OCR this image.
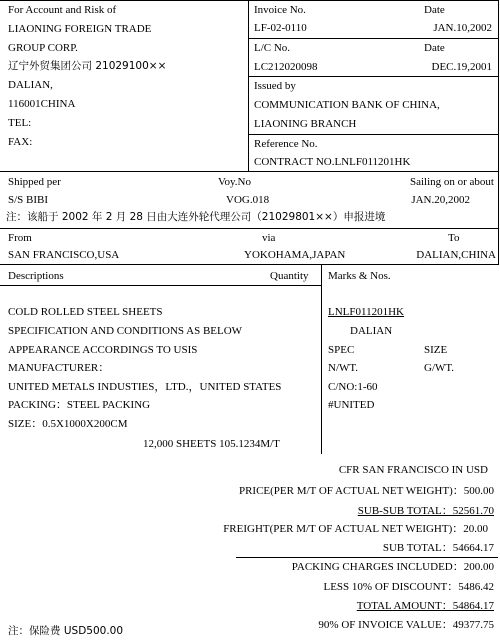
For Account and Risk of
LIAONING FOREIGN TRADE
GROUP CORP.
辽宁外贸集团公司 21029100××
DALIAN,
116001CHINA
TEL:
FAX:
Invoice No.	Date
LF-02-0110	JAN.10,2002
L/C No.	Date
LC212020098	DEC.19,2001
Issued by
COMMUNICATION BANK OF CHINA,
LIAONING BRANCH
Reference No.
CONTRACT NO.LNLF011201HK
Shipped per	Voy.No	Sailing on or about
S/S BIBI	VOG.018	JAN.20,2002
注：该船于 2002 年 2 月 28 日由大连外轮代理公司（21029801××）申报进境
From	via	To
SAN FRANCISCO,USA	YOKOHAMA,JAPAN	DALIAN,CHINA
Descriptions	Quantity
COLD ROLLED STEEL SHEETS
SPECIFICATION AND CONDITIONS AS BELOW
APPEARANCE ACCORDINGS TO USIS
MANUFACTURER：
UNITED METALS INDUSTIES，LTD.，UNITED STATES
PACKING：STEEL PACKING
SIZE：0.5X1000X200CM
12,000 SHEETS 105.1234M/T
Marks & Nos.
LNLF011201HK
DALIAN
SPEC	SIZE
N/WT.	G/WT.
C/NO:1-60
#UNITED
CFR SAN FRANCISCO IN USD
PRICE(PER M/T OF ACTUAL NET WEIGHT)：500.00
SUB-SUB TOTAL：52561.70
FREIGHT(PER M/T OF ACTUAL NET WEIGHT)：20.00
SUB TOTAL：54664.17
PACKING CHARGES INCLUDED：200.00
LESS 10% OF DISCOUNT：5486.42
TOTAL AMOUNT：54864.17
90% OF INVOICE VALUE：49377.75
注：保险费 USD500.00
